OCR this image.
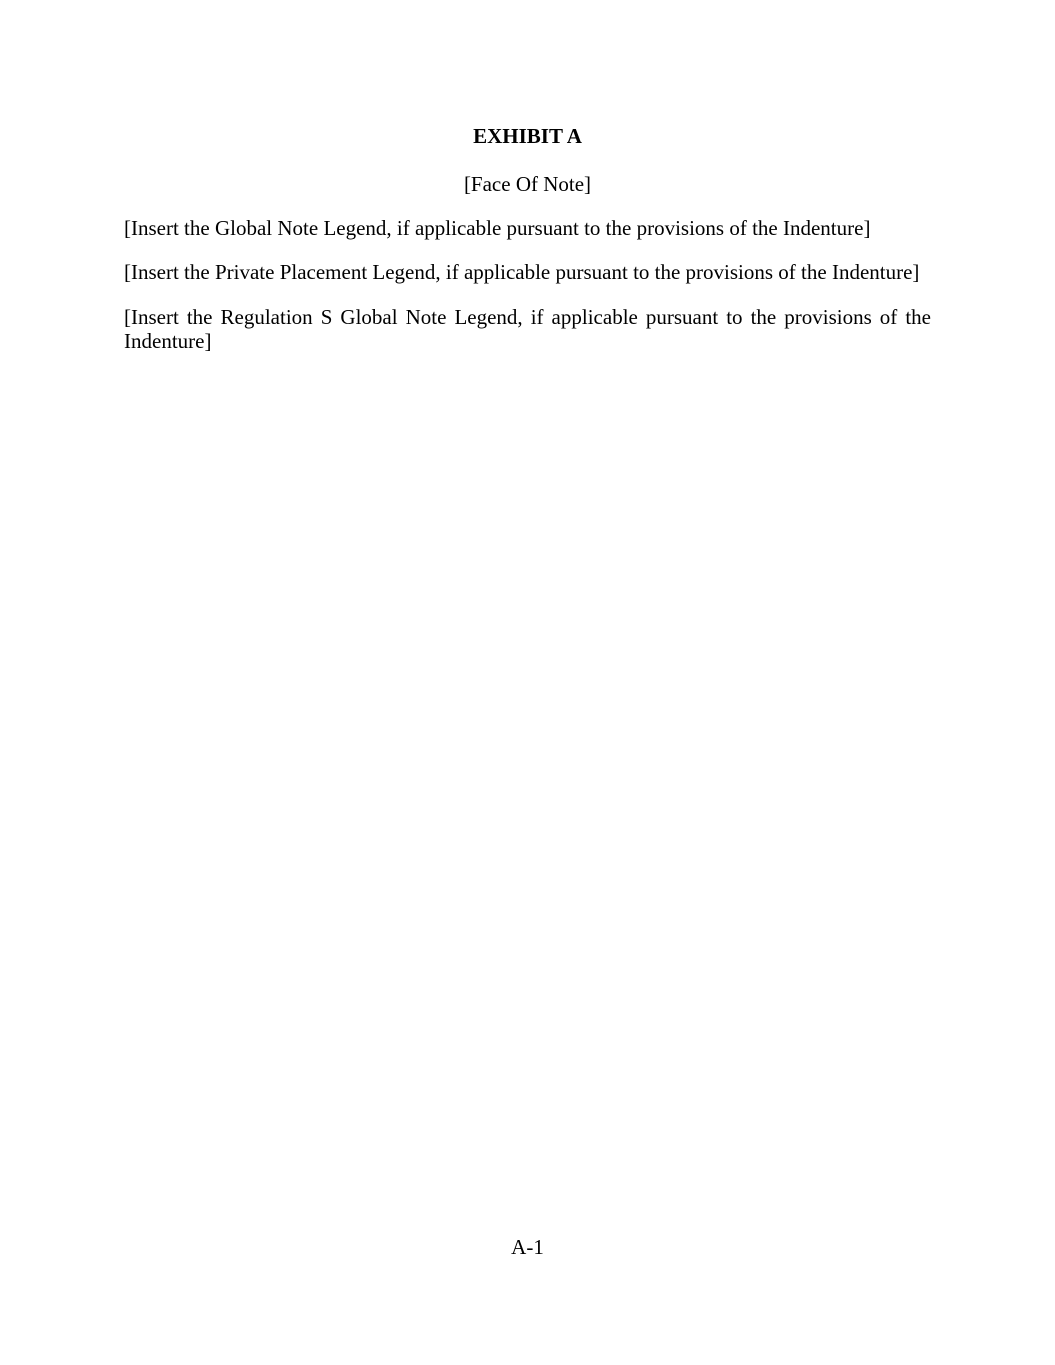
EXHIBIT A

[Face Of Note]

[Insert the Global Note Legend, if applicable pursuant to the provisions of the Indenture]

[Insert the Private Placement Legend, if applicable pursuant to the provisions of the Indenture]

[Insert the Regulation S Global Note Legend, if applicable pursuant to the provisions of the Indenture]

A-1
